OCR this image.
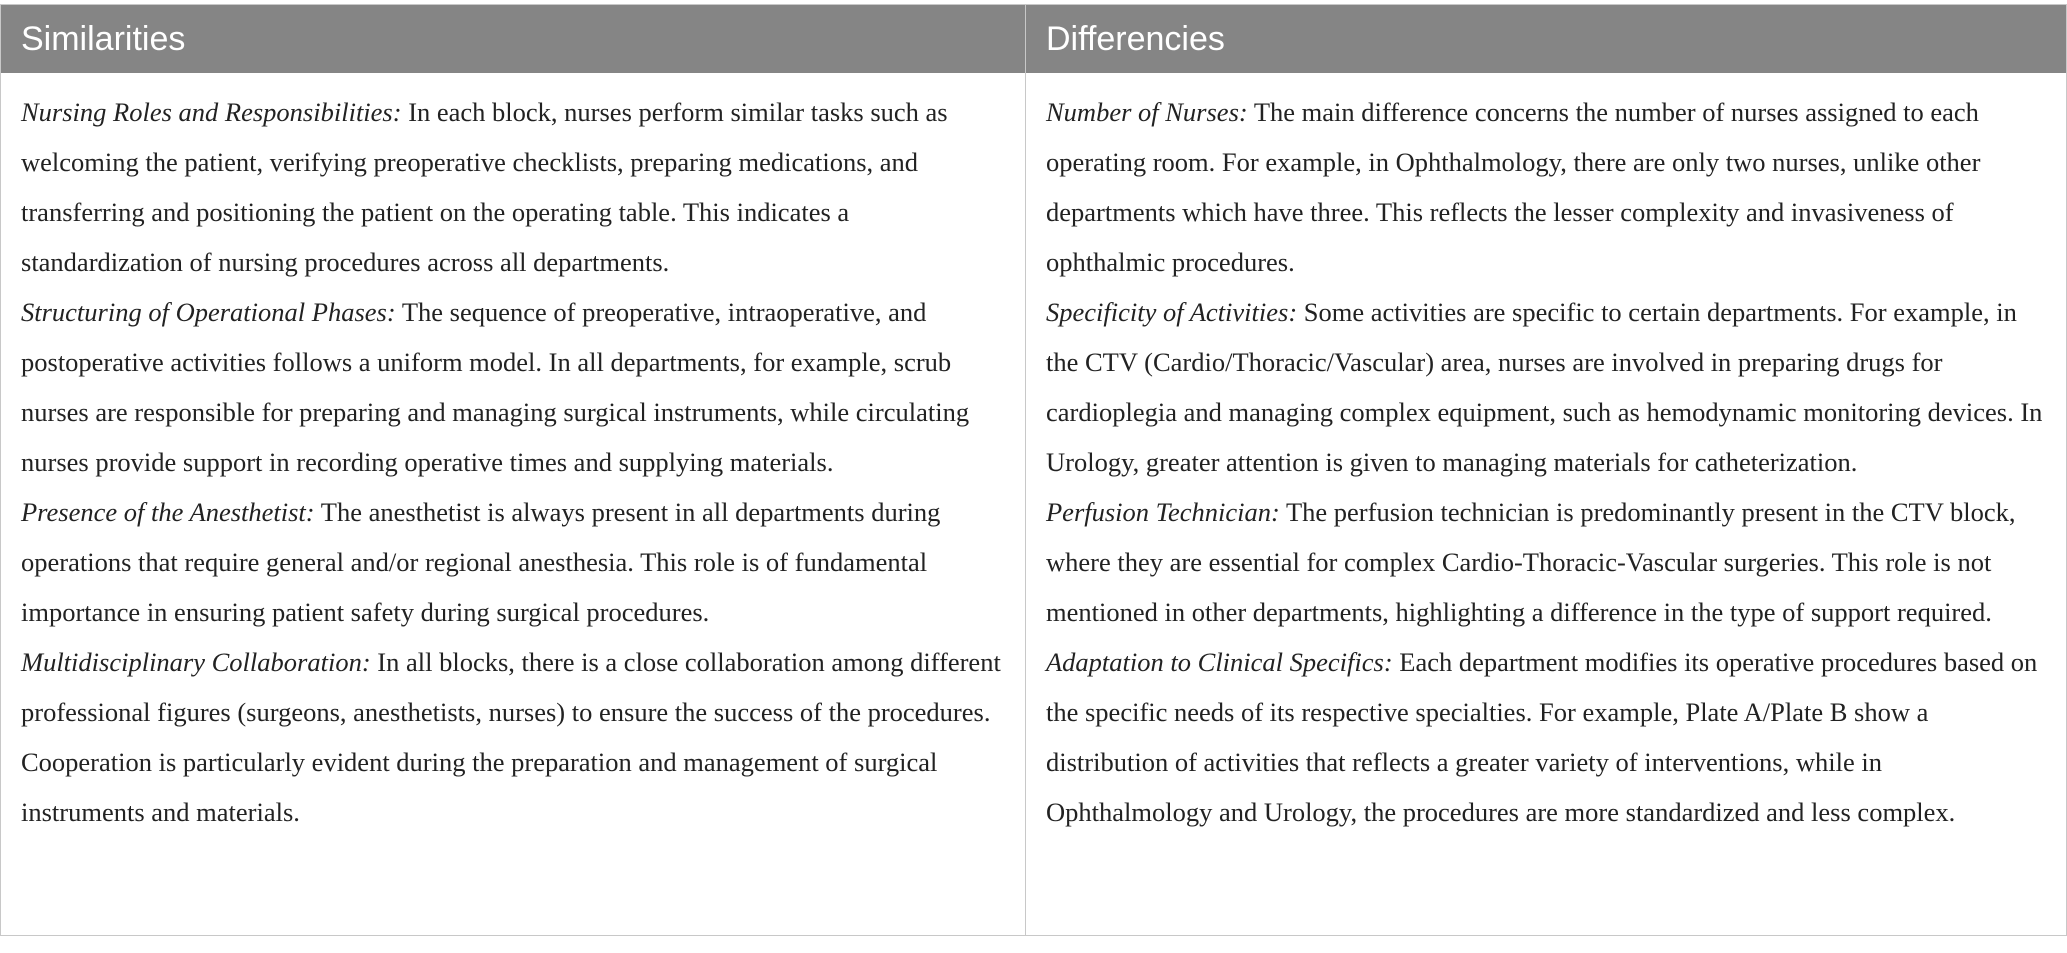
Similarities	Differencies

Nursing Roles and Responsibilities: In each block, nurses perform similar tasks such as welcoming the patient, verifying preoperative checklists, preparing medications, and transferring and positioning the patient on the operating table. This indicates a standardization of nursing procedures across all departments.

Structuring of Operational Phases: The sequence of preoperative, intraoperative, and postoperative activities follows a uniform model. In all departments, for example, scrub nurses are responsible for preparing and managing surgical instruments, while circulating nurses provide support in recording operative times and supplying materials.

Presence of the Anesthetist: The anesthetist is always present in all departments during operations that require general and/or regional anesthesia. This role is of fundamental importance in ensuring patient safety during surgical procedures.

Multidisciplinary Collaboration: In all blocks, there is a close collaboration among different professional figures (surgeons, anesthetists, nurses) to ensure the success of the procedures. Cooperation is particularly evident during the preparation and management of surgical instruments and materials.

Number of Nurses: The main difference concerns the number of nurses assigned to each operating room. For example, in Ophthalmology, there are only two nurses, unlike other departments which have three. This reflects the lesser complexity and invasiveness of ophthalmic procedures.

Specificity of Activities: Some activities are specific to certain departments. For example, in the CTV (Cardio/Thoracic/Vascular) area, nurses are involved in preparing drugs for cardioplegia and managing complex equipment, such as hemodynamic monitoring devices. In Urology, greater attention is given to managing materials for catheterization.

Perfusion Technician: The perfusion technician is predominantly present in the CTV block, where they are essential for complex Cardio-Thoracic-Vascular surgeries. This role is not mentioned in other departments, highlighting a difference in the type of support required.

Adaptation to Clinical Specifics: Each department modifies its operative procedures based on the specific needs of its respective specialties. For example, Plate A/Plate B show a distribution of activities that reflects a greater variety of interventions, while in Ophthalmology and Urology, the procedures are more standardized and less complex.
